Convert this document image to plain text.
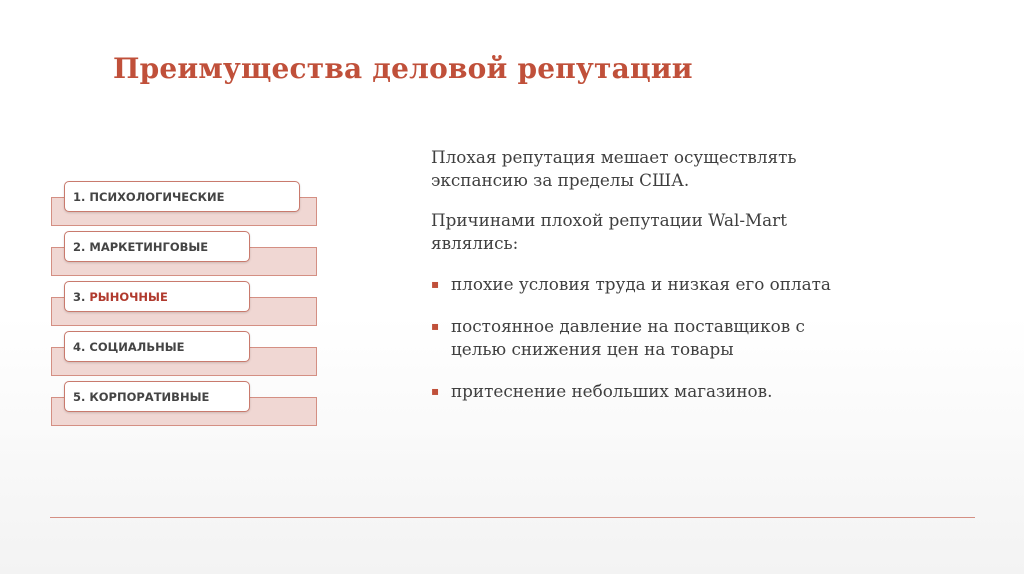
Преимущества деловой репутации
1. ПСИХОЛОГИЧЕСКИЕ
2. МАРКЕТИНГОВЫЕ
3. РЫНОЧНЫЕ
4. СОЦИАЛЬНЫЕ
5. КОРПОРАТИВНЫЕ

Плохая репутация мешает осуществлять экспансию за пределы США.

Причинами плохой репутации Wal-Mart являлись:

▪ плохие условия труда и низкая его оплата
▪ постоянное давление на поставщиков с целью снижения цен на товары
▪ притеснение небольших магазинов.
